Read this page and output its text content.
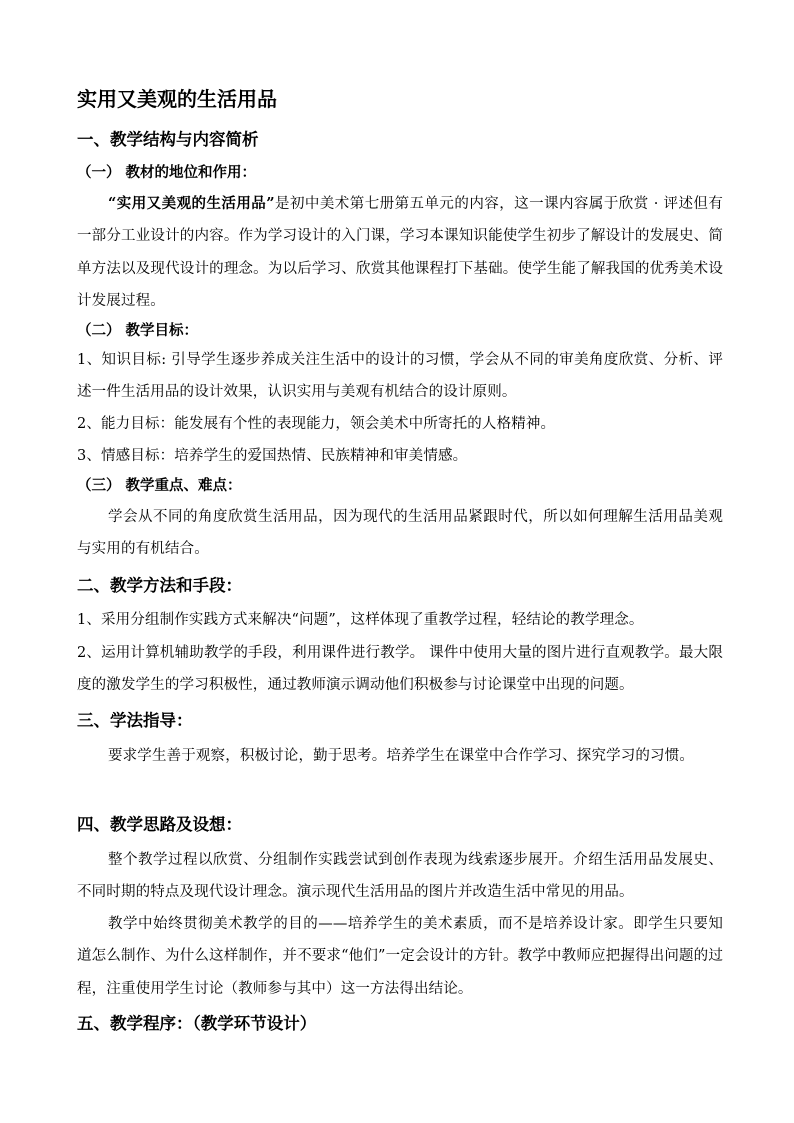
实用又美观的生活用品
一、教学结构与内容简析
（一） 教材的地位和作用：

“实用又美观的生活用品”是初中美术第七册第五单元的内容，这一课内容属于欣赏 · 评述但有一部分工业设计的内容。作为学习设计的入门课，学习本课知识能使学生初步了解设计的发展史、简单方法以及现代设计的理念。为以后学习、欣赏其他课程打下基础。使学生能了解我国的优秀美术设计发展过程。

（二） 教学目标：

1、知识目标: 引导学生逐步养成关注生活中的设计的习惯，学会从不同的审美角度欣赏、分析、评述一件生活用品的设计效果，认识实用与美观有机结合的设计原则。

2、能力目标：能发展有个性的表现能力，领会美术中所寄托的人格精神。

3、情感目标：培养学生的爱国热情、民族精神和审美情感。

（三） 教学重点、难点：

学会从不同的角度欣赏生活用品，因为现代的生活用品紧跟时代，所以如何理解生活用品美观与实用的有机结合。

二、教学方法和手段：

1、采用分组制作实践方式来解决“问题”，这样体现了重教学过程，轻结论的教学理念。

2、运用计算机辅助教学的手段，利用课件进行教学。 课件中使用大量的图片进行直观教学。最大限度的激发学生的学习积极性，通过教师演示调动他们积极参与讨论课堂中出现的问题。

三、学法指导：

要求学生善于观察，积极讨论，勤于思考。培养学生在课堂中合作学习、探究学习的习惯。

四、教学思路及设想：

整个教学过程以欣赏、分组制作实践尝试到创作表现为线索逐步展开。介绍生活用品发展史、不同时期的特点及现代设计理念。演示现代生活用品的图片并改造生活中常见的用品。

教学中始终贯彻美术教学的目的——培养学生的美术素质，而不是培养设计家。即学生只要知道怎么制作、为什么这样制作，并不要求“他们”一定会设计的方针。教学中教师应把握得出问题的过程，注重使用学生讨论（教师参与其中）这一方法得出结论。

五、教学程序：（教学环节设计）
